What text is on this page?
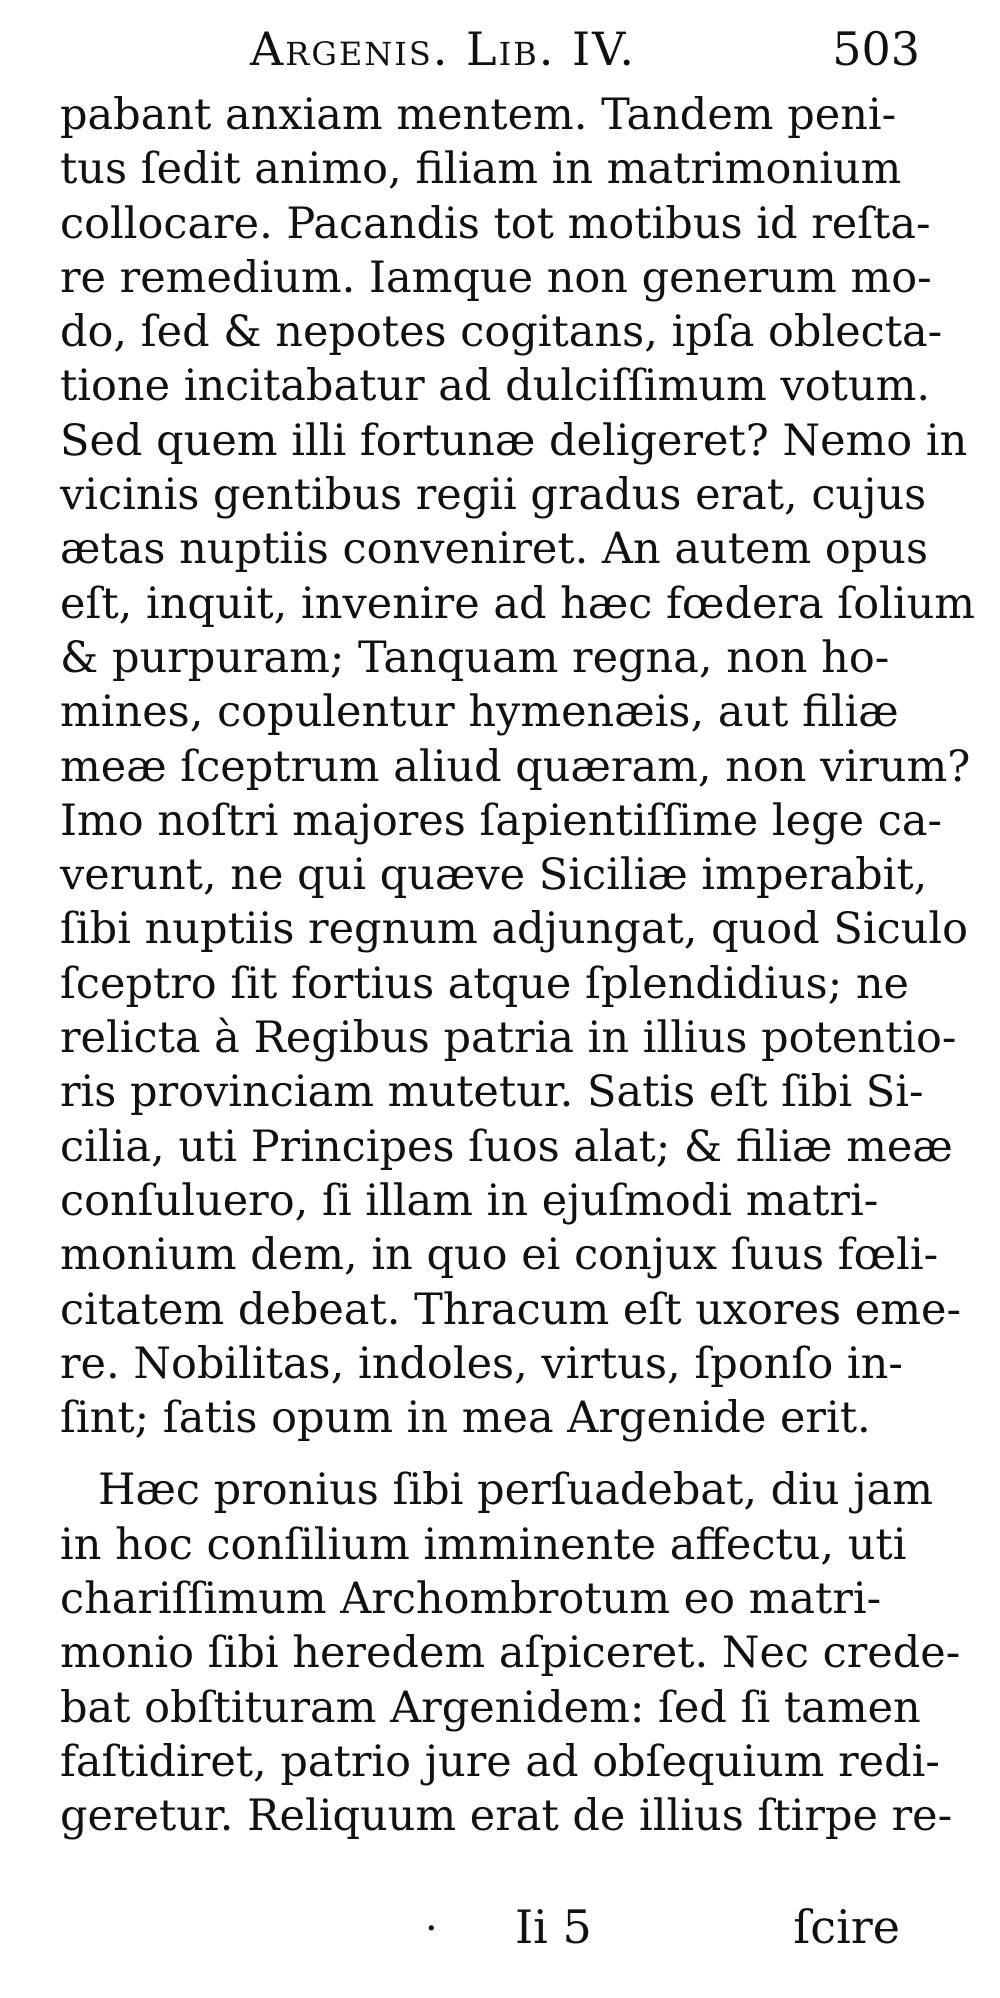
Argenis. Lib. IV.	503
pabant anxiam mentem. Tandem peni-
tus ſedit animo, filiam in matrimonium
collocare. Pacandis tot motibus id reſta-
re remedium. Iamque non generum mo-
do, ſed & nepotes cogitans, ipſa oblecta-
tione incitabatur ad dulciſſimum votum.
Sed quem illi fortunæ deligeret? Nemo in
vicinis gentibus regii gradus erat, cujus
ætas nuptiis conveniret. An autem opus
eſt, inquit, invenire ad hæc fœdera ſolium
& purpuram; Tanquam regna, non ho-
mines, copulentur hymenæis, aut filiæ
meæ ſceptrum aliud quæram, non virum?
Imo noſtri majores ſapientiſſime lege ca-
verunt, ne qui quæve Siciliæ imperabit,
ſibi nuptiis regnum adjungat, quod Siculo
ſceptro ſit fortius atque ſplendidius; ne
relicta à Regibus patria in illius potentio-
ris provinciam mutetur. Satis eſt ſibi Si-
cilia, uti Principes ſuos alat; & filiæ meæ
conſuluero, ſi illam in ejuſmodi matri-
monium dem, in quo ei conjux ſuus fœli-
citatem debeat. Thracum eſt uxores eme-
re. Nobilitas, indoles, virtus, ſponſo in-
ſint; ſatis opum in mea Argenide erit.
Hæc pronius ſibi perſuadebat, diu jam
in hoc conſilium imminente affectu, uti
chariſſimum Archombrotum eo matri-
monio ſibi heredem aſpiceret. Nec crede-
bat obſtituram Argenidem: ſed ſi tamen
faſtidiret, patrio jure ad obſequium redi-
geretur. Reliquum erat de illius ſtirpe re-
· Ii 5	ſcire
